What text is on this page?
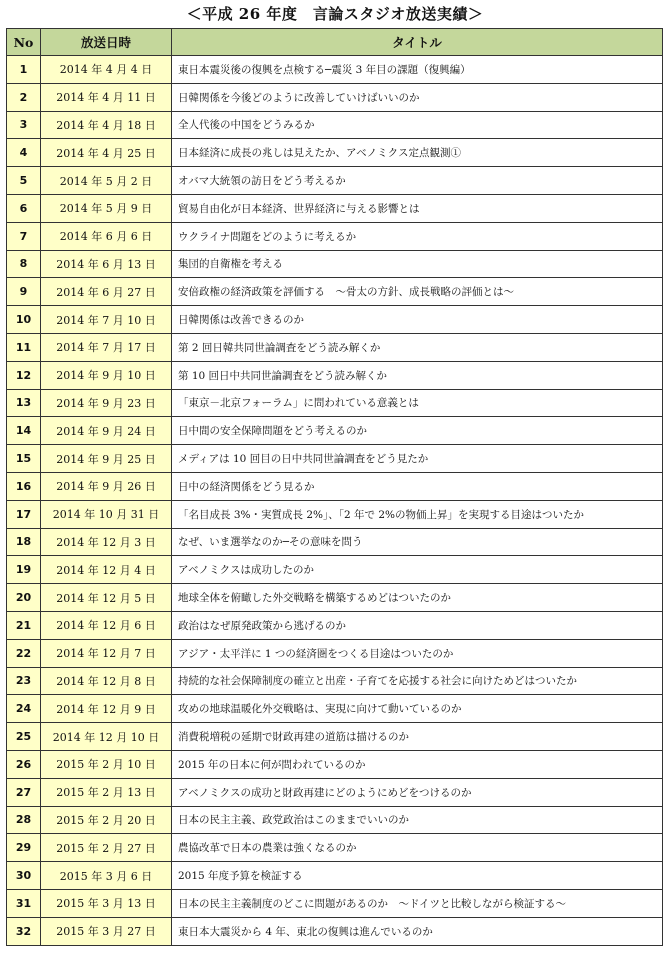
＜平成 26 年度　言論スタジオ放送実績＞
No	放送日時	タイトル
1	2014 年 4 月 4 日	東日本震災後の復興を点検する─震災 3 年目の課題（復興編）
2	2014 年 4 月 11 日	日韓関係を今後どのように改善していけばいいのか
3	2014 年 4 月 18 日	全人代後の中国をどうみるか
4	2014 年 4 月 25 日	日本経済に成長の兆しは見えたか、アベノミクス定点観測①
5	2014 年 5 月 2 日	オバマ大統領の訪日をどう考えるか
6	2014 年 5 月 9 日	貿易自由化が日本経済、世界経済に与える影響とは
7	2014 年 6 月 6 日	ウクライナ問題をどのように考えるか
8	2014 年 6 月 13 日	集団的自衛権を考える
9	2014 年 6 月 27 日	安倍政権の経済政策を評価する　～骨太の方針、成長戦略の評価とは～
10	2014 年 7 月 10 日	日韓関係は改善できるのか
11	2014 年 7 月 17 日	第 2 回日韓共同世論調査をどう読み解くか
12	2014 年 9 月 10 日	第 10 回日中共同世論調査をどう読み解くか
13	2014 年 9 月 23 日	「東京－北京フォーラム」に問われている意義とは
14	2014 年 9 月 24 日	日中間の安全保障問題をどう考えるのか
15	2014 年 9 月 25 日	メディアは 10 回目の日中共同世論調査をどう見たか
16	2014 年 9 月 26 日	日中の経済関係をどう見るか
17	2014 年 10 月 31 日	「名目成長 3%・実質成長 2%」、「2 年で 2%の物価上昇」を実現する目途はついたか
18	2014 年 12 月 3 日	なぜ、いま選挙なのか─その意味を問う
19	2014 年 12 月 4 日	アベノミクスは成功したのか
20	2014 年 12 月 5 日	地球全体を俯瞰した外交戦略を構築するめどはついたのか
21	2014 年 12 月 6 日	政治はなぜ原発政策から逃げるのか
22	2014 年 12 月 7 日	アジア・太平洋に 1 つの経済圏をつくる目途はついたのか
23	2014 年 12 月 8 日	持続的な社会保障制度の確立と出産・子育てを応援する社会に向けためどはついたか
24	2014 年 12 月 9 日	攻めの地球温暖化外交戦略は、実現に向けて動いているのか
25	2014 年 12 月 10 日	消費税増税の延期で財政再建の道筋は描けるのか
26	2015 年 2 月 10 日	2015 年の日本に何が問われているのか
27	2015 年 2 月 13 日	アベノミクスの成功と財政再建にどのようにめどをつけるのか
28	2015 年 2 月 20 日	日本の民主主義、政党政治はこのままでいいのか
29	2015 年 2 月 27 日	農協改革で日本の農業は強くなるのか
30	2015 年 3 月 6 日	2015 年度予算を検証する
31	2015 年 3 月 13 日	日本の民主主義制度のどこに問題があるのか　～ドイツと比較しながら検証する～
32	2015 年 3 月 27 日	東日本大震災から 4 年、東北の復興は進んでいるのか
